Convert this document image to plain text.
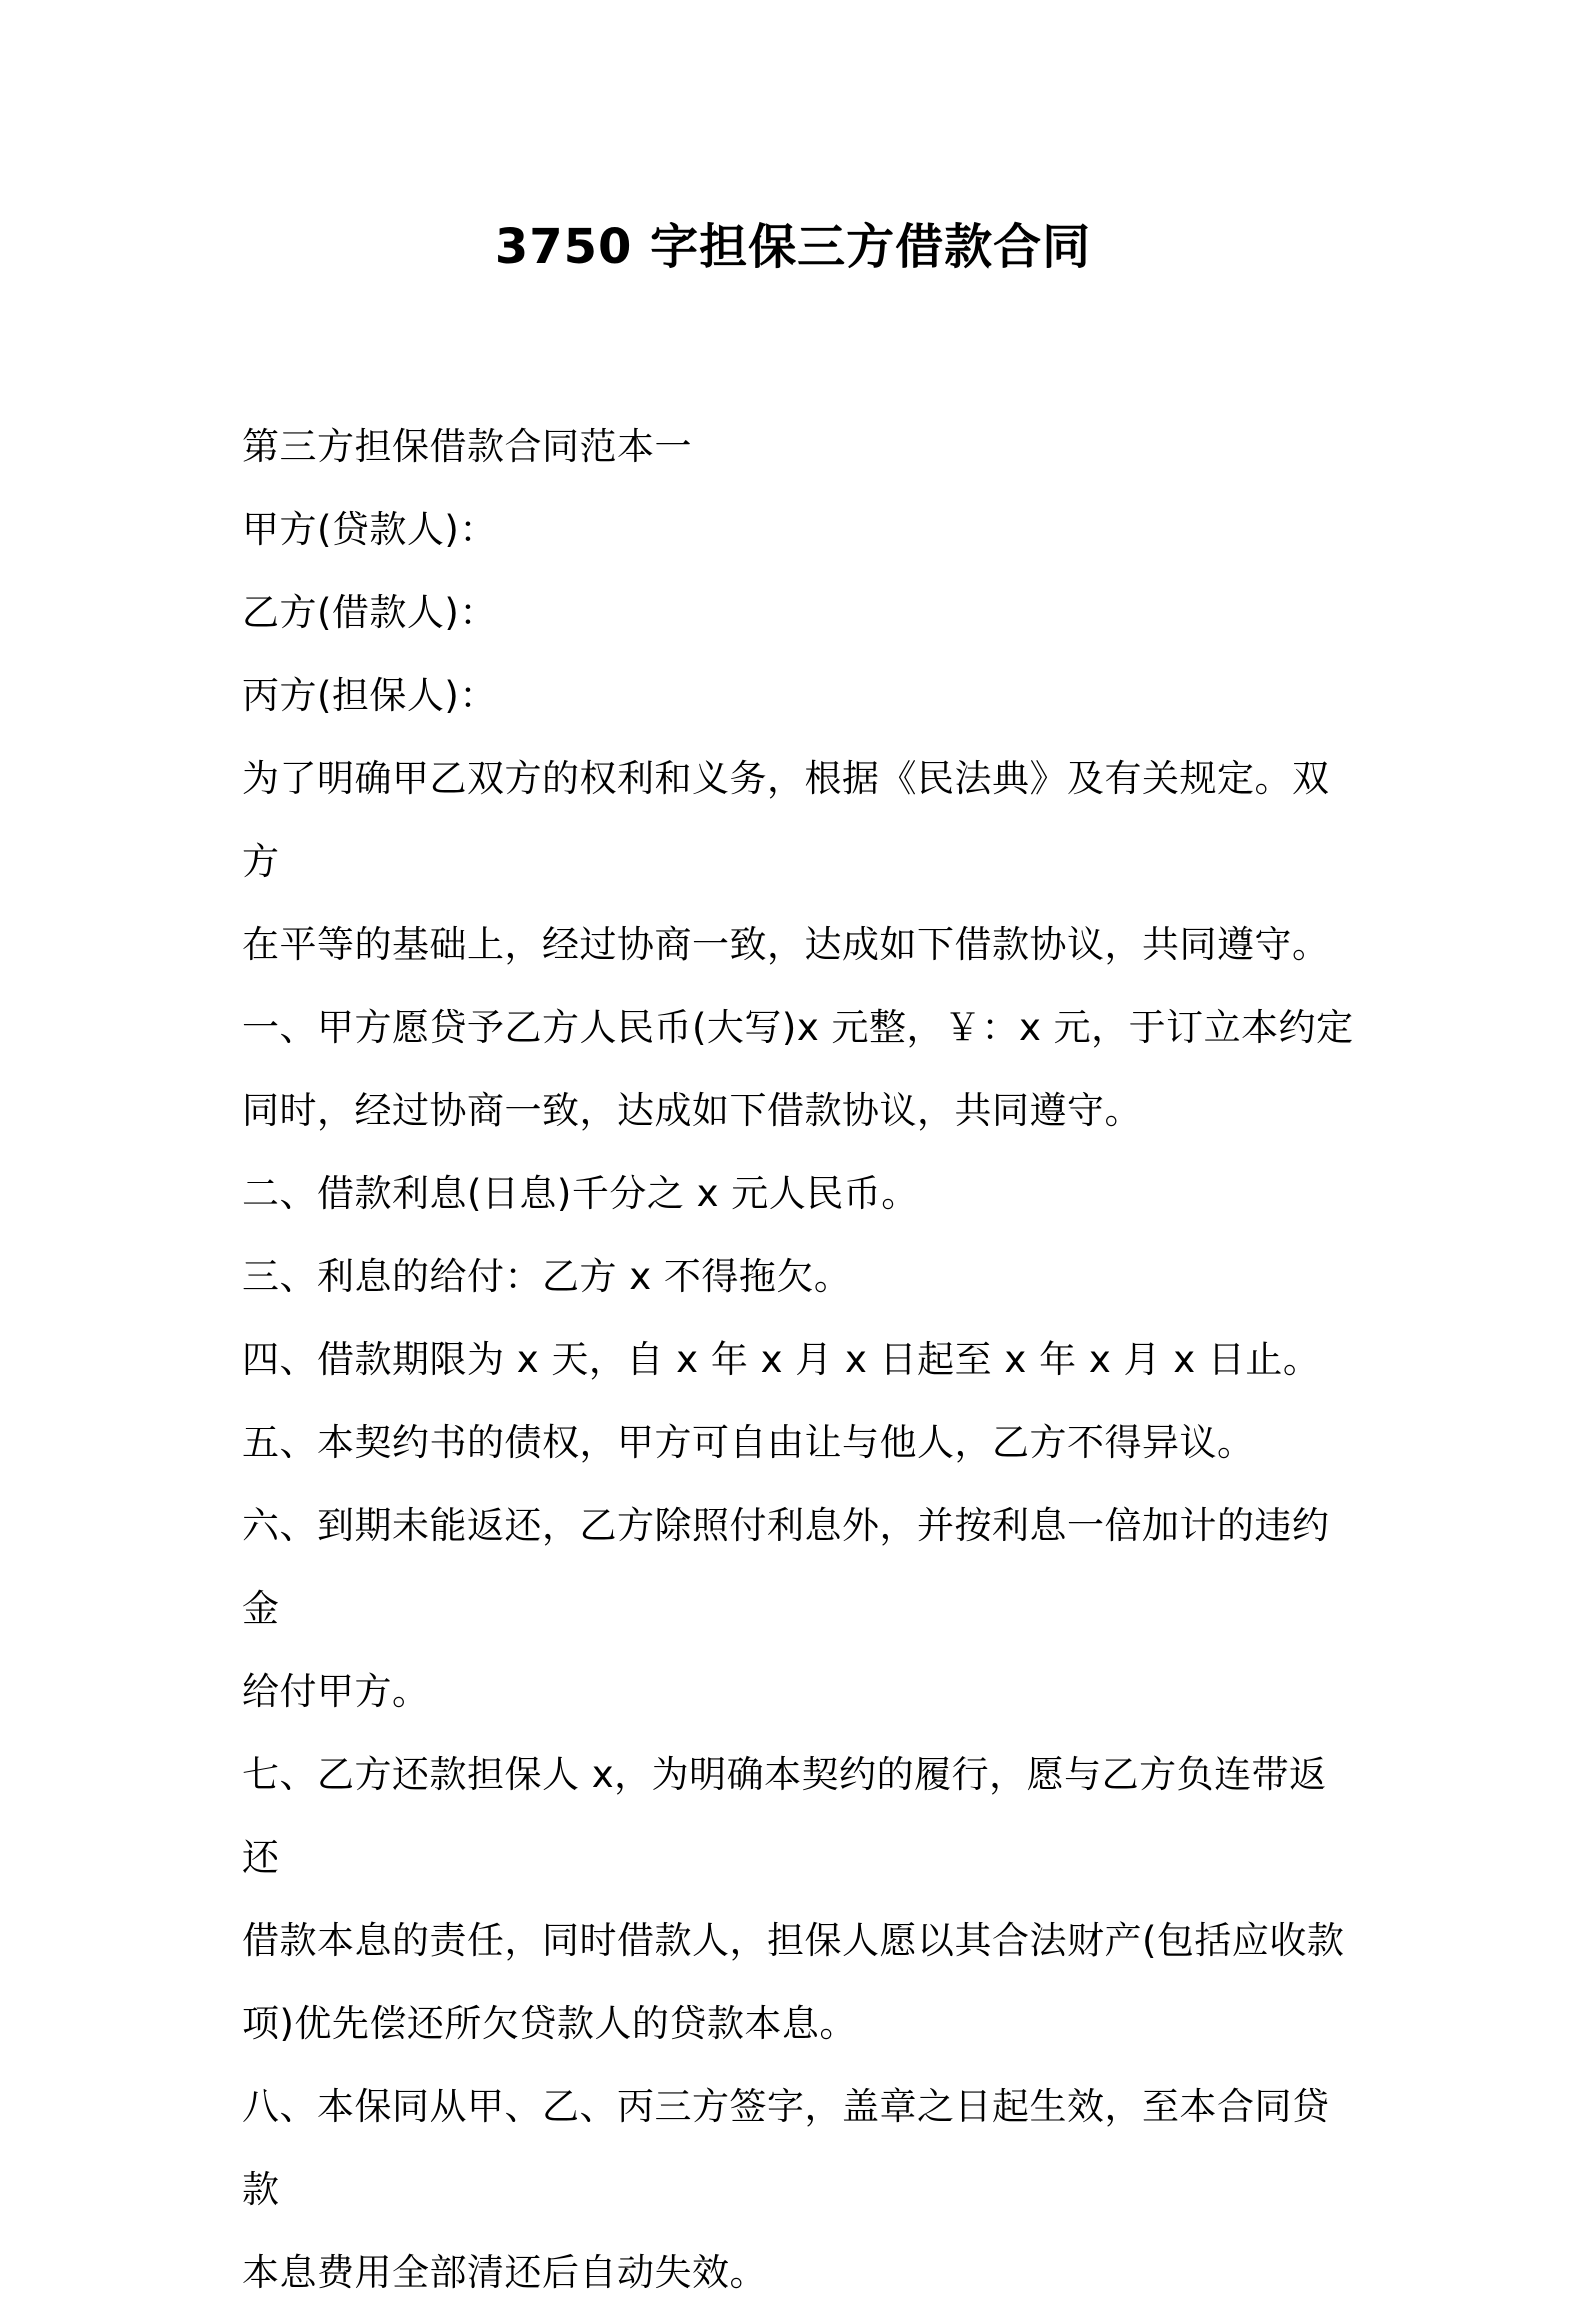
3750 字担保三方借款合同

第三方担保借款合同范本一

甲方(贷款人)：

乙方(借款人)：

丙方(担保人)：

为了明确甲乙双方的权利和义务，根据《民法典》及有关规定。双方

在平等的基础上，经过协商一致，达成如下借款协议，共同遵守。

一、甲方愿贷予乙方人民币(大写)x 元整，￥：x 元，于订立本约定

同时，经过协商一致，达成如下借款协议，共同遵守。

二、借款利息(日息)千分之 x 元人民币。

三、利息的给付：乙方 x 不得拖欠。

四、借款期限为 x 天，自 x 年 x 月 x 日起至 x 年 x 月 x 日止。

五、本契约书的债权，甲方可自由让与他人，乙方不得异议。

六、到期未能返还，乙方除照付利息外，并按利息一倍加计的违约金

给付甲方。

七、乙方还款担保人 x，为明确本契约的履行，愿与乙方负连带返还

借款本息的责任，同时借款人，担保人愿以其合法财产(包括应收款

项)优先偿还所欠贷款人的贷款本息。

八、本保同从甲、乙、丙三方签字，盖章之日起生效，至本合同贷款

本息费用全部清还后自动失效。
